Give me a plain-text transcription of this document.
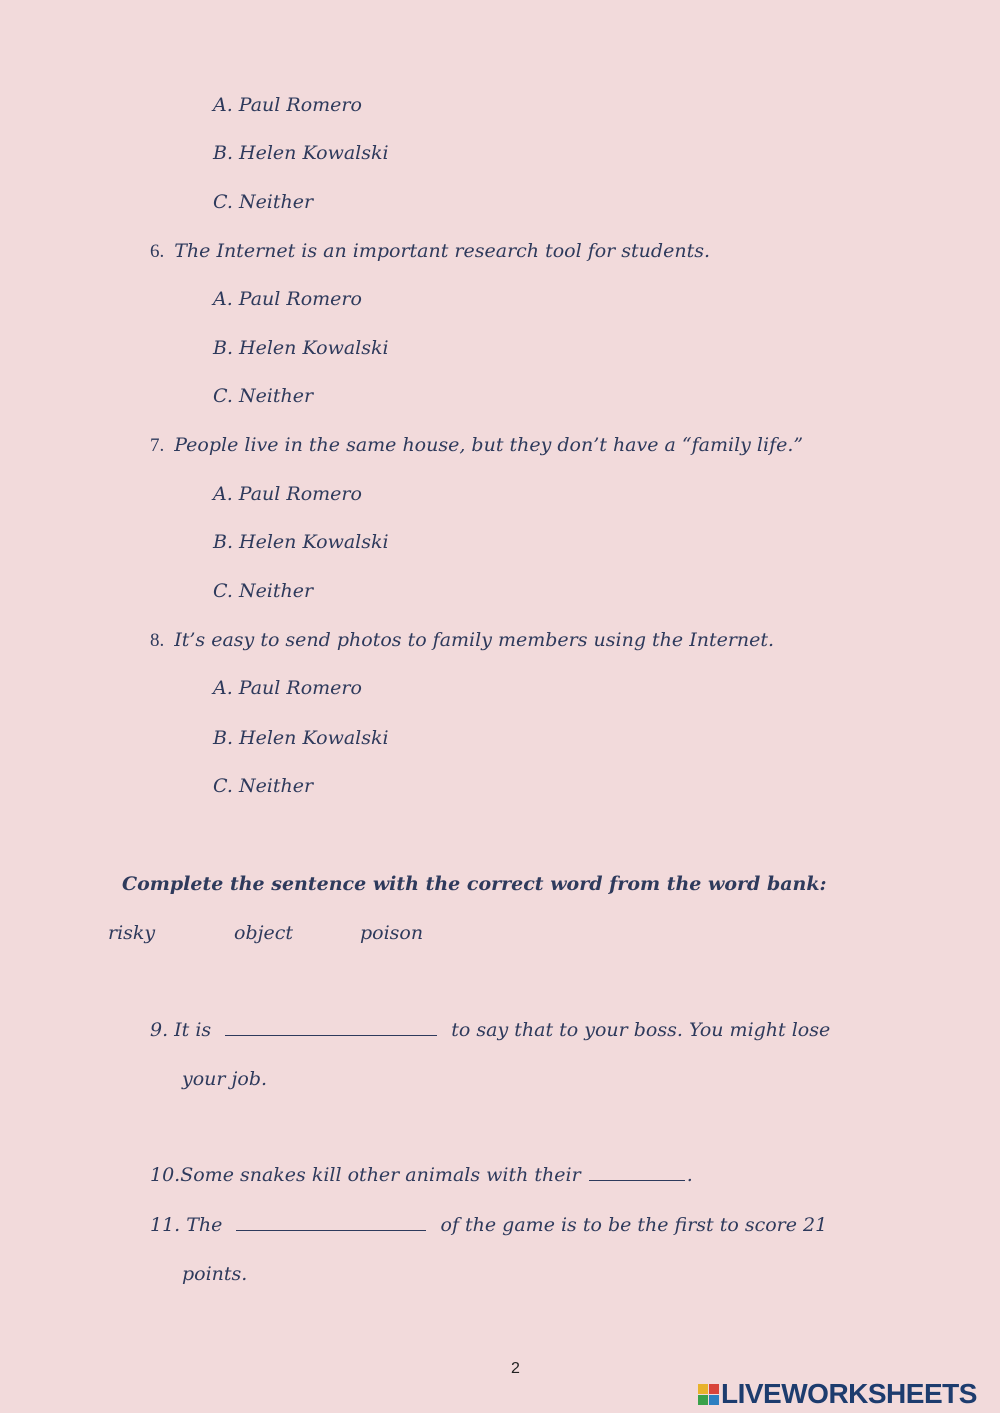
A. Paul Romero
B. Helen Kowalski
C. Neither
6. The Internet is an important research tool for students.
A. Paul Romero
B. Helen Kowalski
C. Neither
7. People live in the same house, but they don’t have a “family life.”
A. Paul Romero
B. Helen Kowalski
C. Neither
8. It’s easy to send photos to family members using the Internet.
A. Paul Romero
B. Helen Kowalski
C. Neither
Complete the sentence with the correct word from the word bank:
risky	object	poison
9. It is	to say that to your boss. You might lose
your job.
10.Some snakes kill other animals with their	.
11. The	of the game is to be the first to score 21
points.
2
LIVEWORKSHEETS
